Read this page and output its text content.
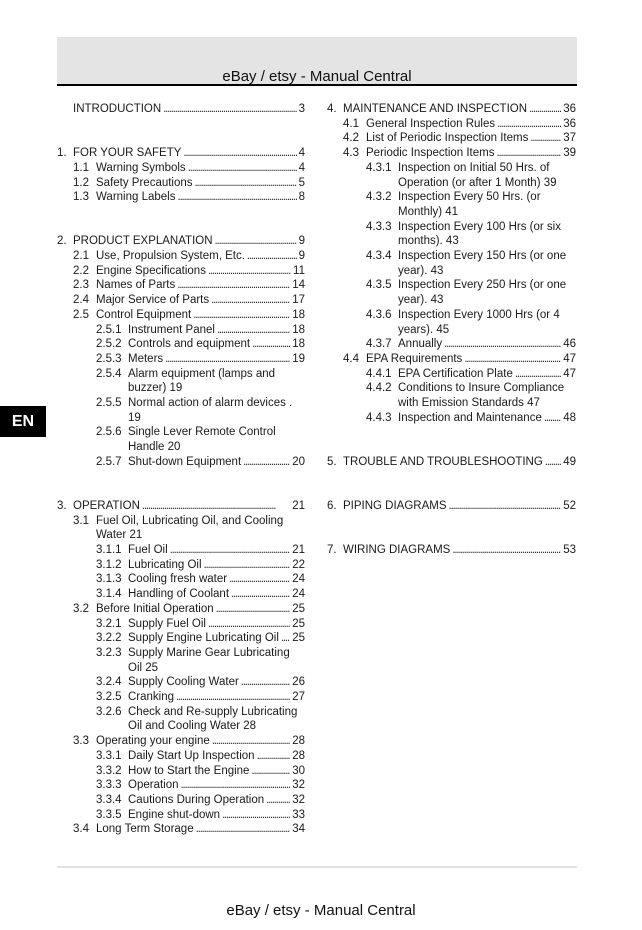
eBay / etsy - Manual Central
EN
INTRODUCTION . . .	3
1. FOR YOUR SAFETY . . .	4
1.1 Warning Symbols . . .	4
1.2 Safety Precautions . . .	5
1.3 Warning Labels . . .	8
2. PRODUCT EXPLANATION . . .	9
2.1 Use, Propulsion System, Etc. . . .	9
2.2 Engine Specifications . . .	11
2.3 Names of Parts . . .	14
2.4 Major Service of Parts . . .	17
2.5 Control Equipment . . .	18
2.5.1 Instrument Panel . . .	18
2.5.2 Controls and equipment . . .	18
2.5.3 Meters . . .	19
2.5.4 Alarm equipment (lamps and buzzer) 19
2.5.5 Normal action of alarm devices . 19
2.5.6 Single Lever Remote Control Handle 20
2.5.7 Shut-down Equipment . . .	20
3. OPERATION . . .	21
3.1 Fuel Oil, Lubricating Oil, and Cooling Water 21
3.1.1 Fuel Oil . . .	21
3.1.2 Lubricating Oil . . .	22
3.1.3 Cooling fresh water . . .	24
3.1.4 Handling of Coolant . . .	24
3.2 Before Initial Operation . . .	25
3.2.1 Supply Fuel Oil . . .	25
3.2.2 Supply Engine Lubricating Oil . . . 25
3.2.3 Supply Marine Gear Lubricating Oil 25
3.2.4 Supply Cooling Water . . .	26
3.2.5 Cranking . . .	27
3.2.6 Check and Re-supply Lubricating Oil and Cooling Water 28
3.3 Operating your engine . . .	28
3.3.1 Daily Start Up Inspection . . .	28
3.3.2 How to Start the Engine . . .	30
3.3.3 Operation . . .	32
3.3.4 Cautions During Operation . . . 32
3.3.5 Engine shut-down . . .	33
3.4 Long Term Storage . . .	34
4. MAINTENANCE AND INSPECTION . . .	36
4.1 General Inspection Rules . . .	36
4.2 List of Periodic Inspection Items . . .	37
4.3 Periodic Inspection Items . . .	39
4.3.1 Inspection on Initial 50 Hrs. of Operation (or after 1 Month) 39
4.3.2 Inspection Every 50 Hrs. (or Monthly) 41
4.3.3 Inspection Every 100 Hrs (or six months). 43
4.3.4 Inspection Every 150 Hrs (or one year). 43
4.3.5 Inspection Every 250 Hrs (or one year). 43
4.3.6 Inspection Every 1000 Hrs (or 4 years). 45
4.3.7 Annually . . .	46
4.4 EPA Requirements . . .	47
4.4.1 EPA Certification Plate . . .	47
4.4.2 Conditions to Insure Compliance with Emission Standards 47
4.4.3 Inspection and Maintenance . . . 48
5. TROUBLE AND TROUBLESHOOTING . . . 49
6. PIPING DIAGRAMS . . .	52
7. WIRING DIAGRAMS . . .	53
eBay / etsy - Manual Central
